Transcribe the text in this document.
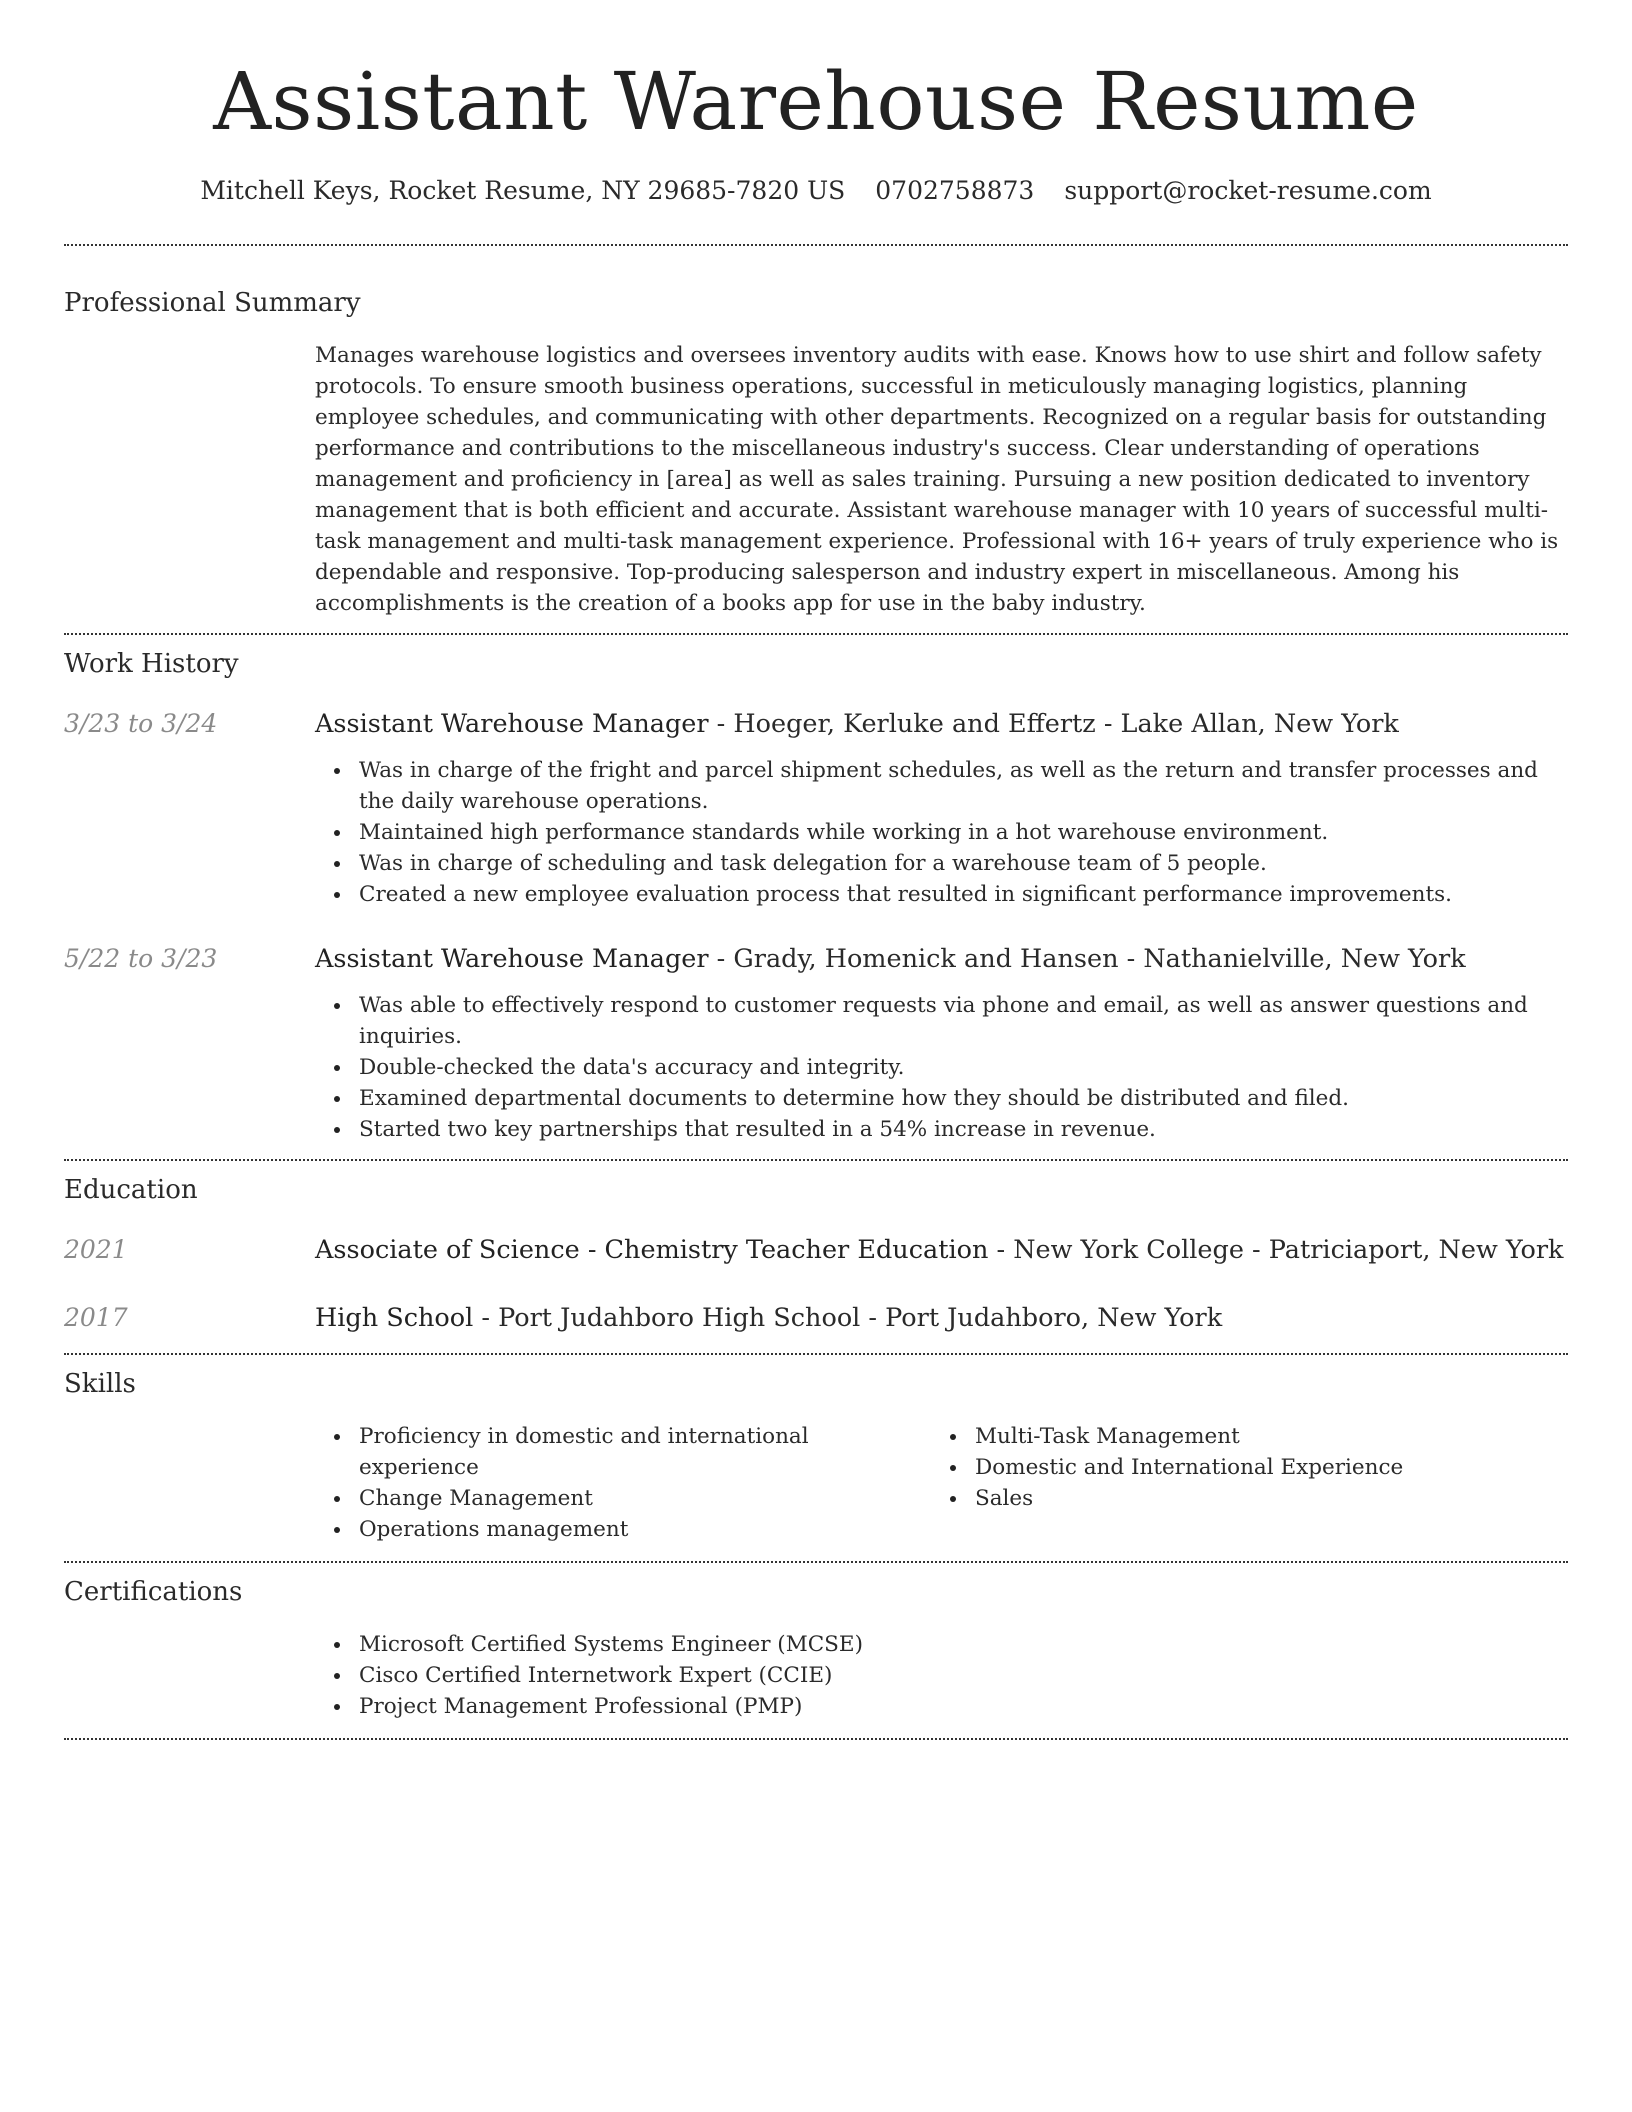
Assistant Warehouse Resume
Mitchell Keys, Rocket Resume, NY 29685-7820 US 0702758873 support@rocket-resume.com
Professional Summary

Manages warehouse logistics and oversees inventory audits with ease. Knows how to use shirt and follow safety protocols. To ensure smooth business operations, successful in meticulously managing logistics, planning employee schedules, and communicating with other departments. Recognized on a regular basis for outstanding performance and contributions to the miscellaneous industry's success. Clear understanding of operations management and proficiency in [area] as well as sales training. Pursuing a new position dedicated to inventory management that is both efficient and accurate. Assistant warehouse manager with 10 years of successful multi-task management and multi-task management experience. Professional with 16+ years of truly experience who is dependable and responsive. Top-producing salesperson and industry expert in miscellaneous. Among his accomplishments is the creation of a books app for use in the baby industry.

Work History
3/23 to 3/24	Assistant Warehouse Manager - Hoeger, Kerluke and Effertz - Lake Allan, New York
Was in charge of the fright and parcel shipment schedules, as well as the return and transfer processes and the daily warehouse operations.
Maintained high performance standards while working in a hot warehouse environment.
Was in charge of scheduling and task delegation for a warehouse team of 5 people.
Created a new employee evaluation process that resulted in significant performance improvements.
5/22 to 3/23	Assistant Warehouse Manager - Grady, Homenick and Hansen - Nathanielville, New York
Was able to effectively respond to customer requests via phone and email, as well as answer questions and inquiries.
Double-checked the data's accuracy and integrity.
Examined departmental documents to determine how they should be distributed and filed.
Started two key partnerships that resulted in a 54% increase in revenue.
Education
2021	Associate of Science - Chemistry Teacher Education - New York College - Patriciaport, New York
2017	High School - Port Judahboro High School - Port Judahboro, New York
Skills
Proficiency in domestic and international experience
Change Management
Operations management
Multi-Task Management
Domestic and International Experience
Sales
Certifications
Microsoft Certified Systems Engineer (MCSE)
Cisco Certified Internetwork Expert (CCIE)
Project Management Professional (PMP)
